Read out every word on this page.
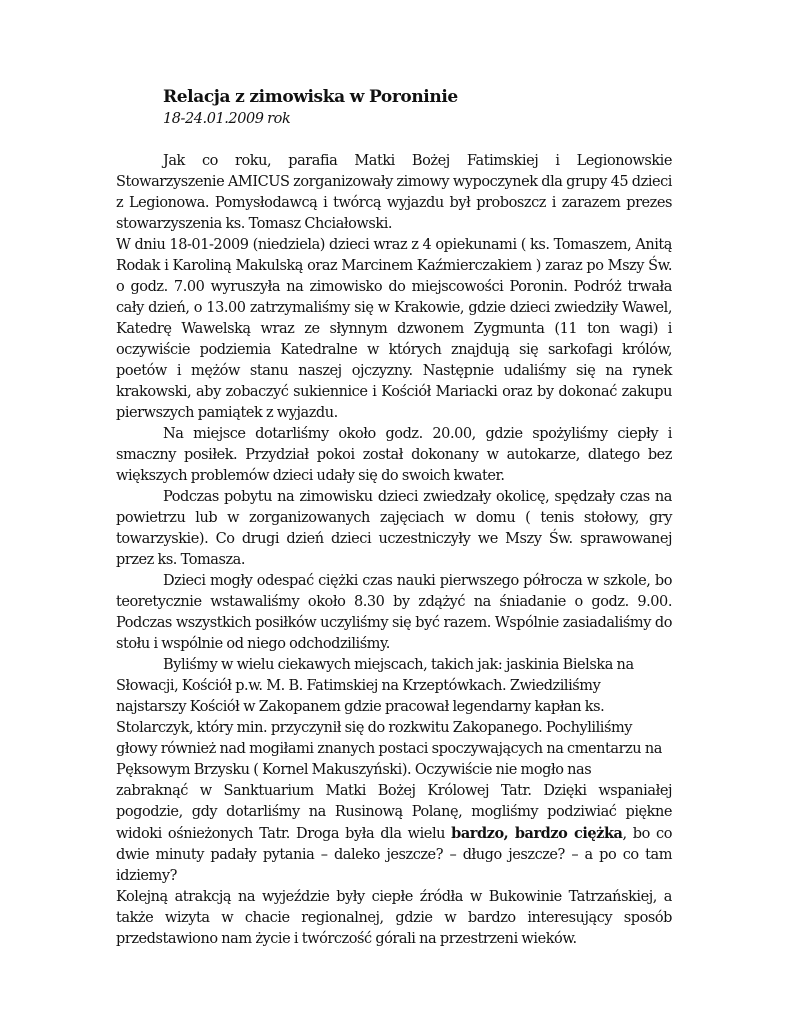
Relacja z zimowiska w Poroninie
18-24.01.2009 rok

Jak co roku, parafia Matki Bożej Fatimskiej i Legionowskie Stowarzyszenie AMICUS zorganizowały zimowy wypoczynek dla grupy 45 dzieci z Legionowa. Pomysłodawcą i twórcą wyjazdu był proboszcz i zarazem prezes stowarzyszenia ks. Tomasz Chciałowski.

W dniu 18-01-2009 (niedziela) dzieci wraz z 4 opiekunami ( ks. Tomaszem, Anitą Rodak i Karoliną Makulską oraz Marcinem Kaźmierczakiem ) zaraz po Mszy Św. o godz. 7.00 wyruszyła na zimowisko do miejscowości Poronin. Podróż trwała cały dzień, o 13.00 zatrzymaliśmy się w Krakowie, gdzie dzieci zwiedziły Wawel, Katedrę Wawelską wraz ze słynnym dzwonem Zygmunta (11 ton wagi) i oczywiście podziemia Katedralne w których znajdują się sarkofagi królów, poetów i mężów stanu naszej ojczyzny. Następnie udaliśmy się na rynek krakowski, aby zobaczyć sukiennice i Kościół Mariacki oraz by dokonać zakupu pierwszych pamiątek z wyjazdu.

Na miejsce dotarliśmy około godz. 20.00, gdzie spożyliśmy ciepły i smaczny posiłek. Przydział pokoi został dokonany w autokarze, dlatego bez większych problemów dzieci udały się do swoich kwater.

Podczas pobytu na zimowisku dzieci zwiedzały okolicę, spędzały czas na powietrzu lub w zorganizowanych zajęciach w domu ( tenis stołowy, gry towarzyskie). Co drugi dzień dzieci uczestniczyły we Mszy Św. sprawowanej przez ks. Tomasza.

Dzieci mogły odespać ciężki czas nauki pierwszego półrocza w szkole, bo teoretycznie wstawaliśmy około 8.30 by zdążyć na śniadanie o godz. 9.00. Podczas wszystkich posiłków uczyliśmy się być razem. Wspólnie zasiadaliśmy do stołu i wspólnie od niego odchodziliśmy.

Byliśmy w wielu ciekawych miejscach, takich jak: jaskinia Bielska na Słowacji, Kościół p.w. M. B. Fatimskiej na Krzeptówkach. Zwiedziliśmy najstarszy Kościół w Zakopanem gdzie pracował legendarny kapłan ks. Stolarczyk, który min. przyczynił się do rozkwitu Zakopanego. Pochyliliśmy głowy również nad mogiłami znanych postaci spoczywających na cmentarzu na Pęksowym Brzysku ( Kornel Makuszyński). Oczywiście nie mogło nas

zabraknąć w Sanktuarium Matki Bożej Królowej Tatr. Dzięki wspaniałej pogodzie, gdy dotarliśmy na Rusinową Polanę, mogliśmy podziwiać piękne widoki ośnieżonych Tatr. Droga była dla wielu bardzo, bardzo ciężka, bo co dwie minuty padały pytania – daleko jeszcze? – długo jeszcze? – a po co tam idziemy?

Kolejną atrakcją na wyjeździe były ciepłe źródła w Bukowinie Tatrzańskiej, a także wizyta w chacie regionalnej, gdzie w bardzo interesujący sposób przedstawiono nam życie i twórczość górali na przestrzeni wieków.
